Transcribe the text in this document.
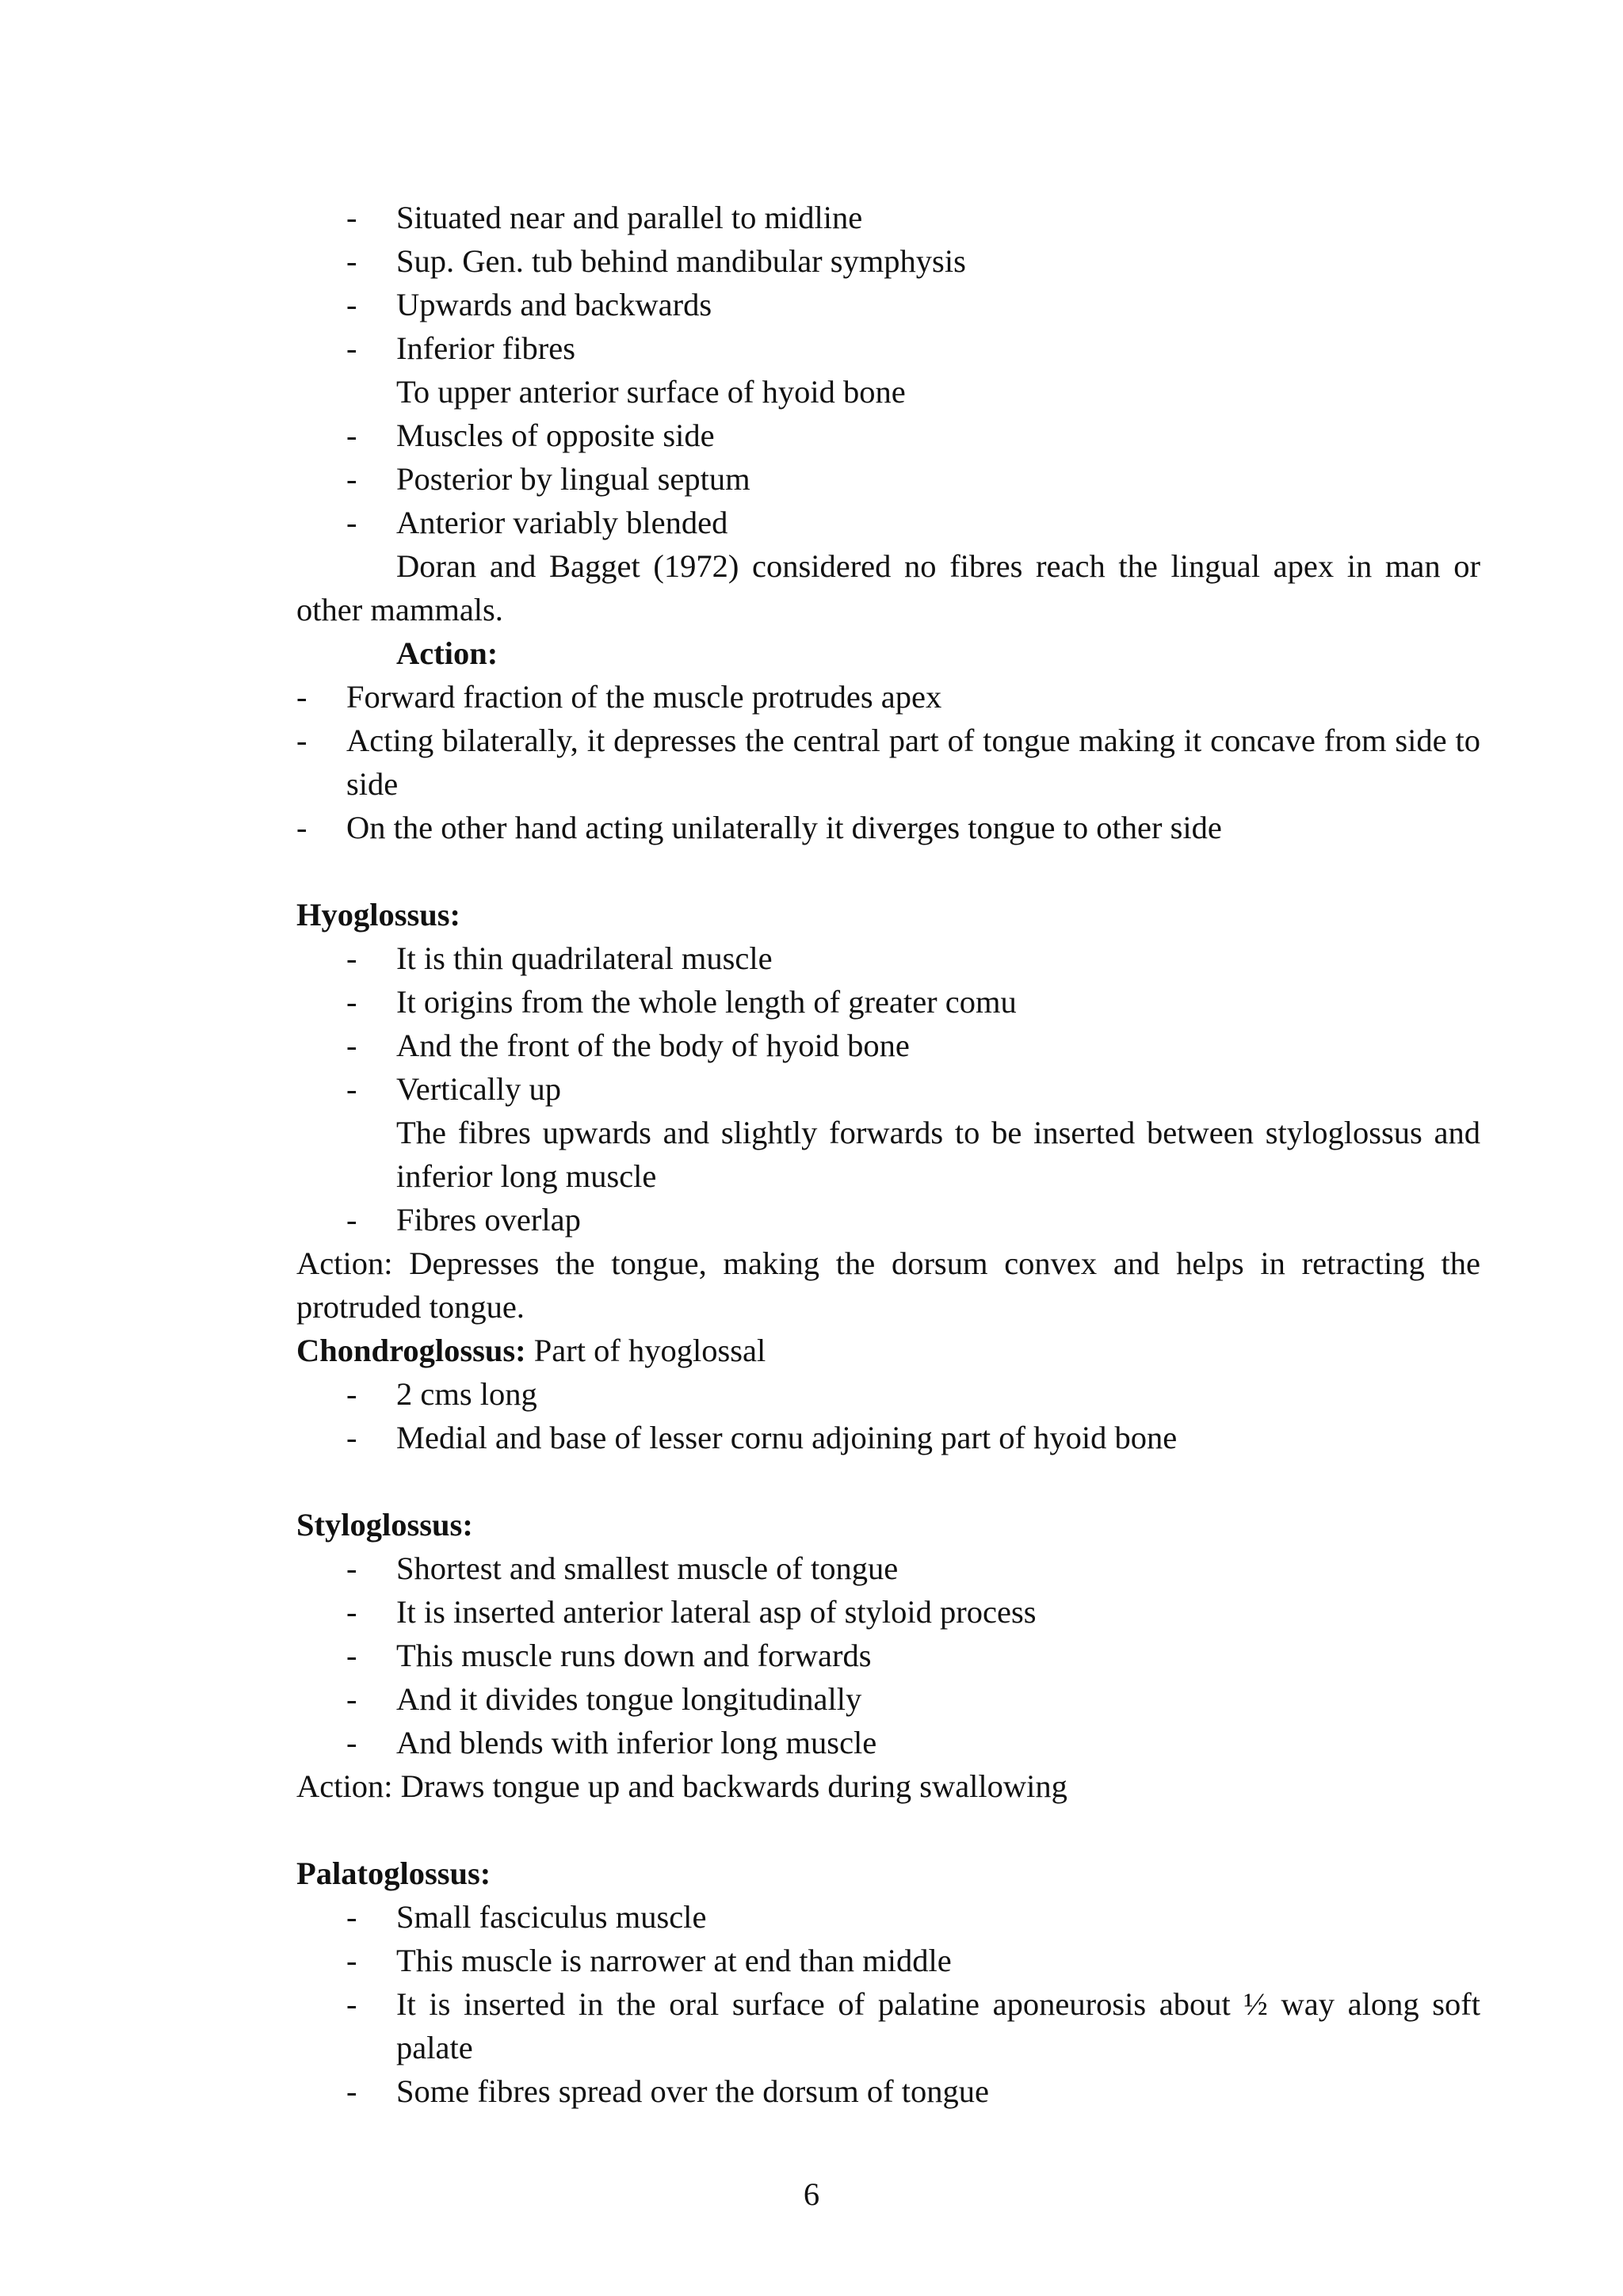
- Situated near and parallel to midline
- Sup. Gen. tub behind mandibular symphysis
- Upwards and backwards
- Inferior fibres
To upper anterior surface of hyoid bone
- Muscles of opposite side
- Posterior by lingual septum
- Anterior variably blended
Doran and Bagget (1972) considered no fibres reach the lingual apex in man or other mammals.
Action:
- Forward fraction of the muscle protrudes apex
- Acting bilaterally, it depresses the central part of tongue making it concave from side to side
- On the other hand acting unilaterally it diverges tongue to other side
Hyoglossus:
- It is thin quadrilateral muscle
- It origins from the whole length of greater comu
- And the front of the body of hyoid bone
- Vertically up
The fibres upwards and slightly forwards to be inserted between styloglossus and inferior long muscle
- Fibres overlap
Action: Depresses the tongue, making the dorsum convex and helps in retracting the protruded tongue.
Chondroglossus: Part of hyoglossal
- 2 cms long
- Medial and base of lesser cornu adjoining part of hyoid bone
Styloglossus:
- Shortest and smallest muscle of tongue
- It is inserted anterior lateral asp of styloid process
- This muscle runs down and forwards
- And it divides tongue longitudinally
- And blends with inferior long muscle
Action: Draws tongue up and backwards during swallowing
Palatoglossus:
- Small fasciculus muscle
- This muscle is narrower at end than middle
- It is inserted in the oral surface of palatine aponeurosis about ½ way along soft palate
- Some fibres spread over the dorsum of tongue
6
